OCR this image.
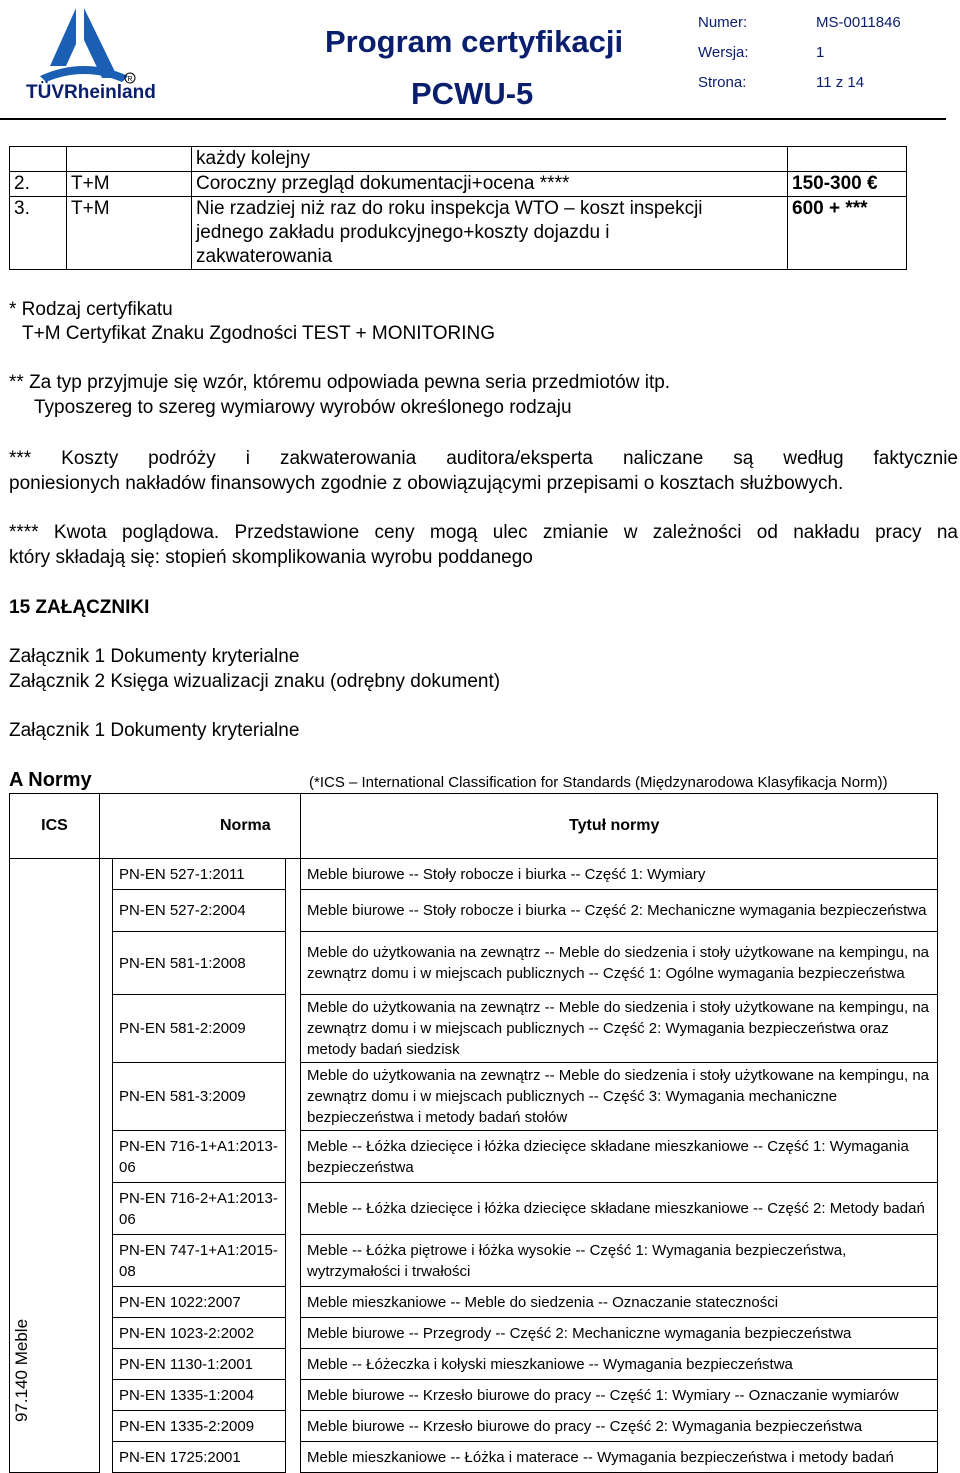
R
TÜVRheinland
Program certyfikacji
PCWU-5
Numer:	MS-0011846
Wersja:	1
Strona:	11 z 14
		każdy kolejny	
2.	T+M	Coroczny przegląd dokumentacji+ocena ****	150-300 €
3.	T+M	Nie rzadziej niż raz do roku inspekcja WTO – koszt inspekcji
jednego zakładu produkcyjnego+koszty dojazdu i
zakwaterowania	600 + ***
* Rodzaj certyfikatu
T+M Certyfikat Znaku Zgodności TEST + MONITORING
** Za typ przyjmuje się wzór, któremu odpowiada pewna seria przedmiotów itp.
Typoszereg to szereg wymiarowy wyrobów określonego rodzaju
*** Koszty podróży i zakwaterowania auditora/eksperta naliczane są według faktycznie
poniesionych nakładów finansowych zgodnie z obowiązującymi przepisami o kosztach służbowych.
**** Kwota poglądowa. Przedstawione ceny mogą ulec zmianie w zależności od nakładu pracy na
który składają się: stopień skomplikowania wyrobu poddanego
15 ZAŁĄCZNIKI
Załącznik 1 Dokumenty kryterialne
Załącznik 2 Księga wizualizacji znaku (odrębny dokument)
Załącznik 1 Dokumenty kryterialne
A Normy	(*ICS – International Classification for Standards (Międzynarodowa Klasyfikacja Norm))
ICS	Norma			Tytuł normy

97.140 Meble		PN-EN 527-1:2011		Meble biurowe -- Stoły robocze i biurka -- Część 1: Wymiary
		PN-EN 527-2:2004		Meble biurowe -- Stoły robocze i biurka -- Część 2: Mechaniczne wymagania bezpieczeństwa
		PN-EN 581-1:2008		Meble do użytkowania na zewnątrz -- Meble do siedzenia i stoły użytkowane na kempingu, na zewnątrz domu i w miejscach publicznych -- Część 1: Ogólne wymagania bezpieczeństwa
		PN-EN 581-2:2009		Meble do użytkowania na zewnątrz -- Meble do siedzenia i stoły użytkowane na kempingu, na zewnątrz domu i w miejscach publicznych -- Część 2: Wymagania bezpieczeństwa oraz metody badań siedzisk
		PN-EN 581-3:2009		Meble do użytkowania na zewnątrz -- Meble do siedzenia i stoły użytkowane na kempingu, na zewnątrz domu i w miejscach publicznych -- Część 3: Wymagania mechaniczne bezpieczeństwa i metody badań stołów
		PN-EN 716-1+A1:2013-06		Meble -- Łóżka dziecięce i łóżka dziecięce składane mieszkaniowe -- Część 1: Wymagania bezpieczeństwa
		PN-EN 716-2+A1:2013-06		Meble -- Łóżka dziecięce i łóżka dziecięce składane mieszkaniowe -- Część 2: Metody badań
		PN-EN 747-1+A1:2015-08		Meble -- Łóżka piętrowe i łóżka wysokie -- Część 1: Wymagania bezpieczeństwa, wytrzymałości i trwałości
		PN-EN 1022:2007		Meble mieszkaniowe -- Meble do siedzenia -- Oznaczanie stateczności
		PN-EN 1023-2:2002		Meble biurowe -- Przegrody -- Część 2: Mechaniczne wymagania bezpieczeństwa
		PN-EN 1130-1:2001		Meble -- Łóżeczka i kołyski mieszkaniowe -- Wymagania bezpieczeństwa
		PN-EN 1335-1:2004		Meble biurowe -- Krzesło biurowe do pracy -- Część 1: Wymiary -- Oznaczanie wymiarów
		PN-EN 1335-2:2009		Meble biurowe -- Krzesło biurowe do pracy -- Część 2: Wymagania bezpieczeństwa
		PN-EN 1725:2001		Meble mieszkaniowe -- Łóżka i materace -- Wymagania bezpieczeństwa i metody badań
